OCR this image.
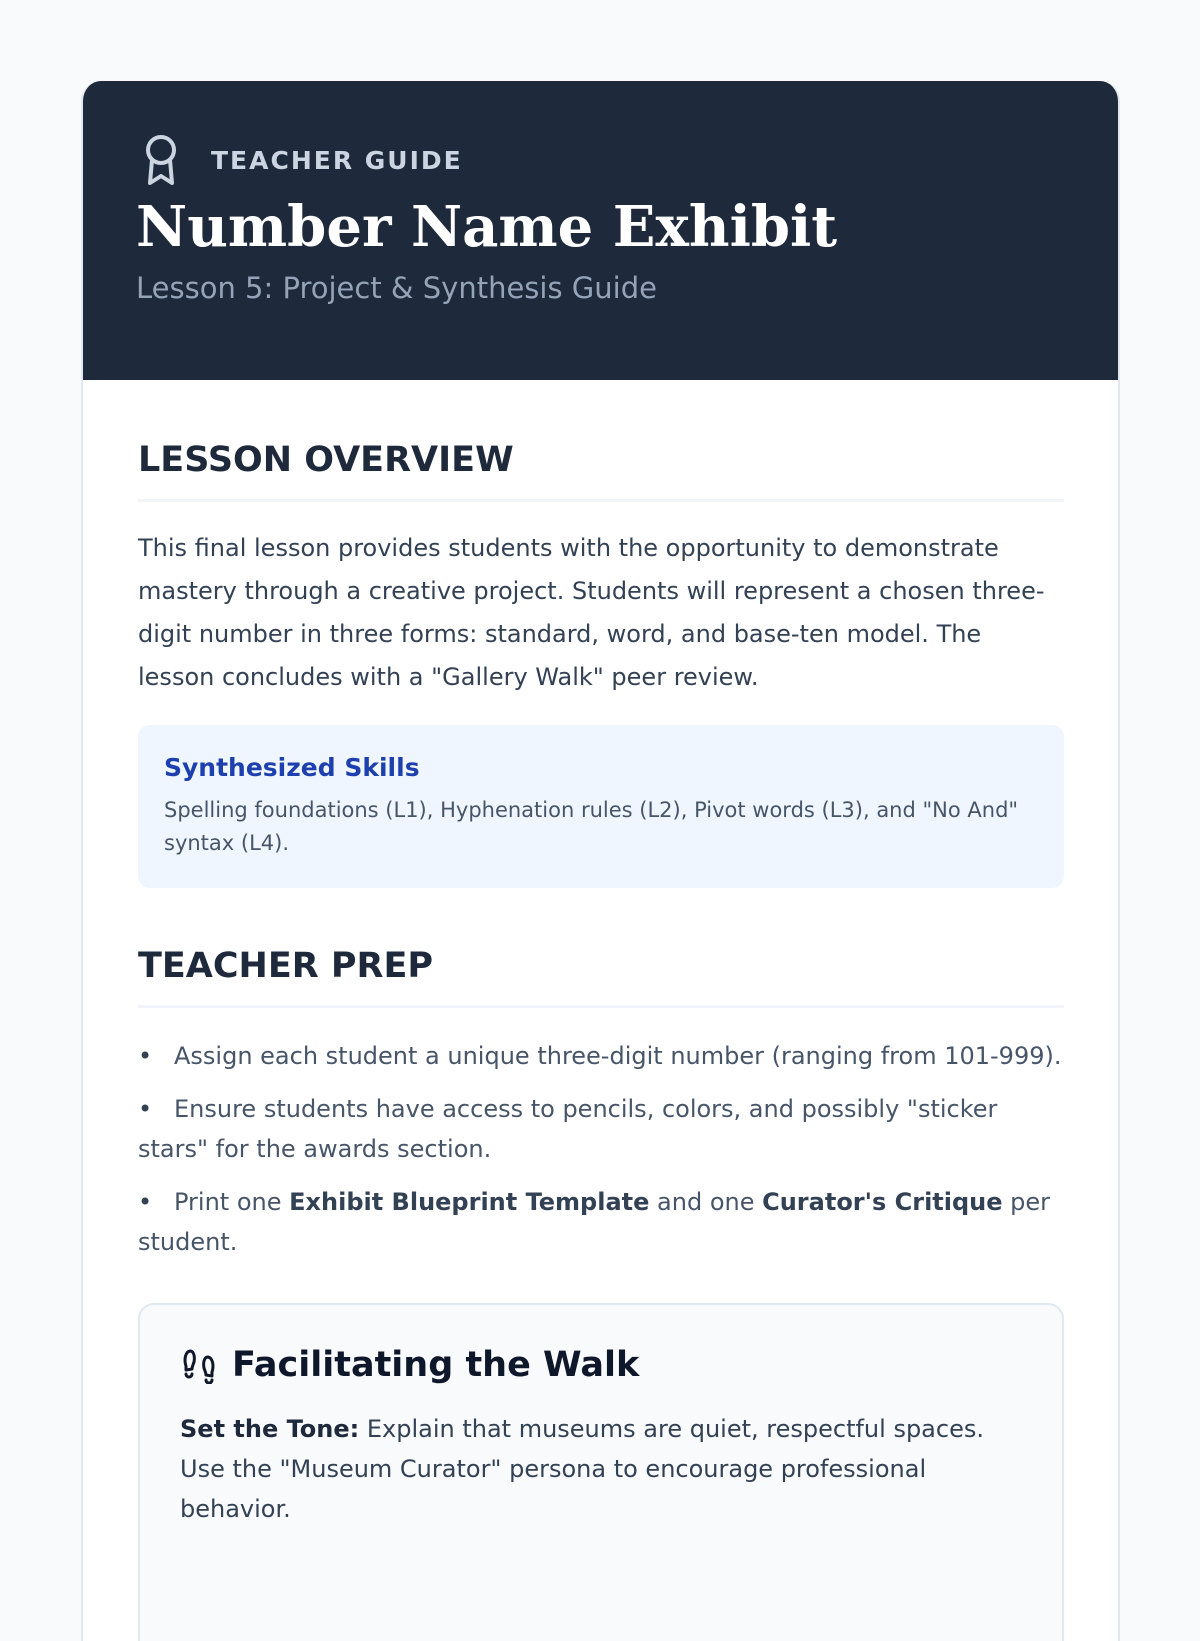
TEACHER GUIDE
Number Name Exhibit
Lesson 5: Project & Synthesis Guide
LESSON OVERVIEW

This final lesson provides students with the opportunity to demonstrate mastery through a creative project. Students will represent a chosen three-digit number in three forms: standard, word, and base-ten model. The lesson concludes with a "Gallery Walk" peer review.

Synthesized Skills
Spelling foundations (L1), Hyphenation rules (L2), Pivot words (L3), and "No And" syntax (L4).
TEACHER PREP
• Assign each student a unique three-digit number (ranging from 101-999).
• Ensure students have access to pencils, colors, and possibly "sticker stars" for the awards section.
• Print one Exhibit Blueprint Template and one Curator's Critique per student.
Facilitating the Walk
Set the Tone: Explain that museums are quiet, respectful spaces. Use the "Museum Curator" persona to encourage professional behavior.
